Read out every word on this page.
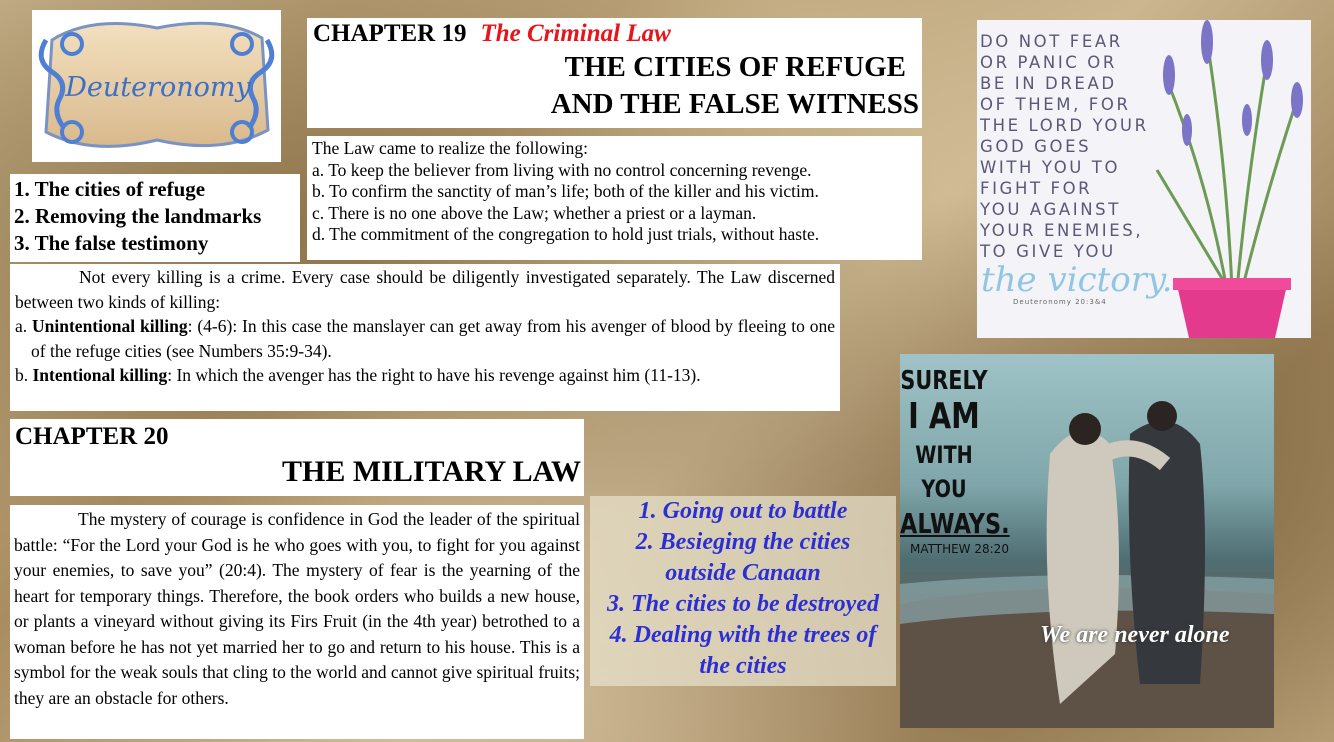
Deuteronomy
CHAPTER 19 The Criminal Law
THE CITIES OF REFUGE
AND THE FALSE WITNESS
The Law came to realize the following:
a. To keep the believer from living with no control concerning revenge.
b. To confirm the sanctity of man’s life; both of the killer and his victim.
c. There is no one above the Law; whether a priest or a layman.
d. The commitment of the congregation to hold just trials, without haste.
1. The cities of refuge
2. Removing the landmarks
3. The false testimony
Not every killing is a crime. Every case should be diligently investigated separately. The Law discerned between two kinds of killing:
a. Unintentional killing: (4-6): In this case the manslayer can get away from his avenger of blood by fleeing to one of the refuge cities (see Numbers 35:9-34).
b. Intentional killing: In which the avenger has the right to have his revenge against him (11-13).
CHAPTER 20
THE MILITARY LAW
The mystery of courage is confidence in God the leader of the spiritual battle: “For the Lord your God is he who goes with you, to fight for you against your enemies, to save you” (20:4). The mystery of fear is the yearning of the heart for temporary things. Therefore, the book orders who builds a new house, or plants a vineyard without giving its Firs Fruit (in the 4th year) betrothed to a woman before he has not yet married her to go and return to his house. This is a symbol for the weak souls that cling to the world and cannot give spiritual fruits; they are an obstacle for others.
1. Going out to battle
2. Besieging the cities
outside Canaan
3. The cities to be destroyed
4. Dealing with the trees of
the cities
DO NOT FEAR
OR PANIC OR
BE IN DREAD
OF THEM, FOR
THE LORD YOUR
GOD GOES
WITH YOU TO
FIGHT FOR
YOU AGAINST
YOUR ENEMIES,
TO GIVE YOU
the victory.
Deuteronomy 20:3&4
SURELY
I AM
WITH YOU
ALWAYS.
MATTHEW 28:20
We are never alone
